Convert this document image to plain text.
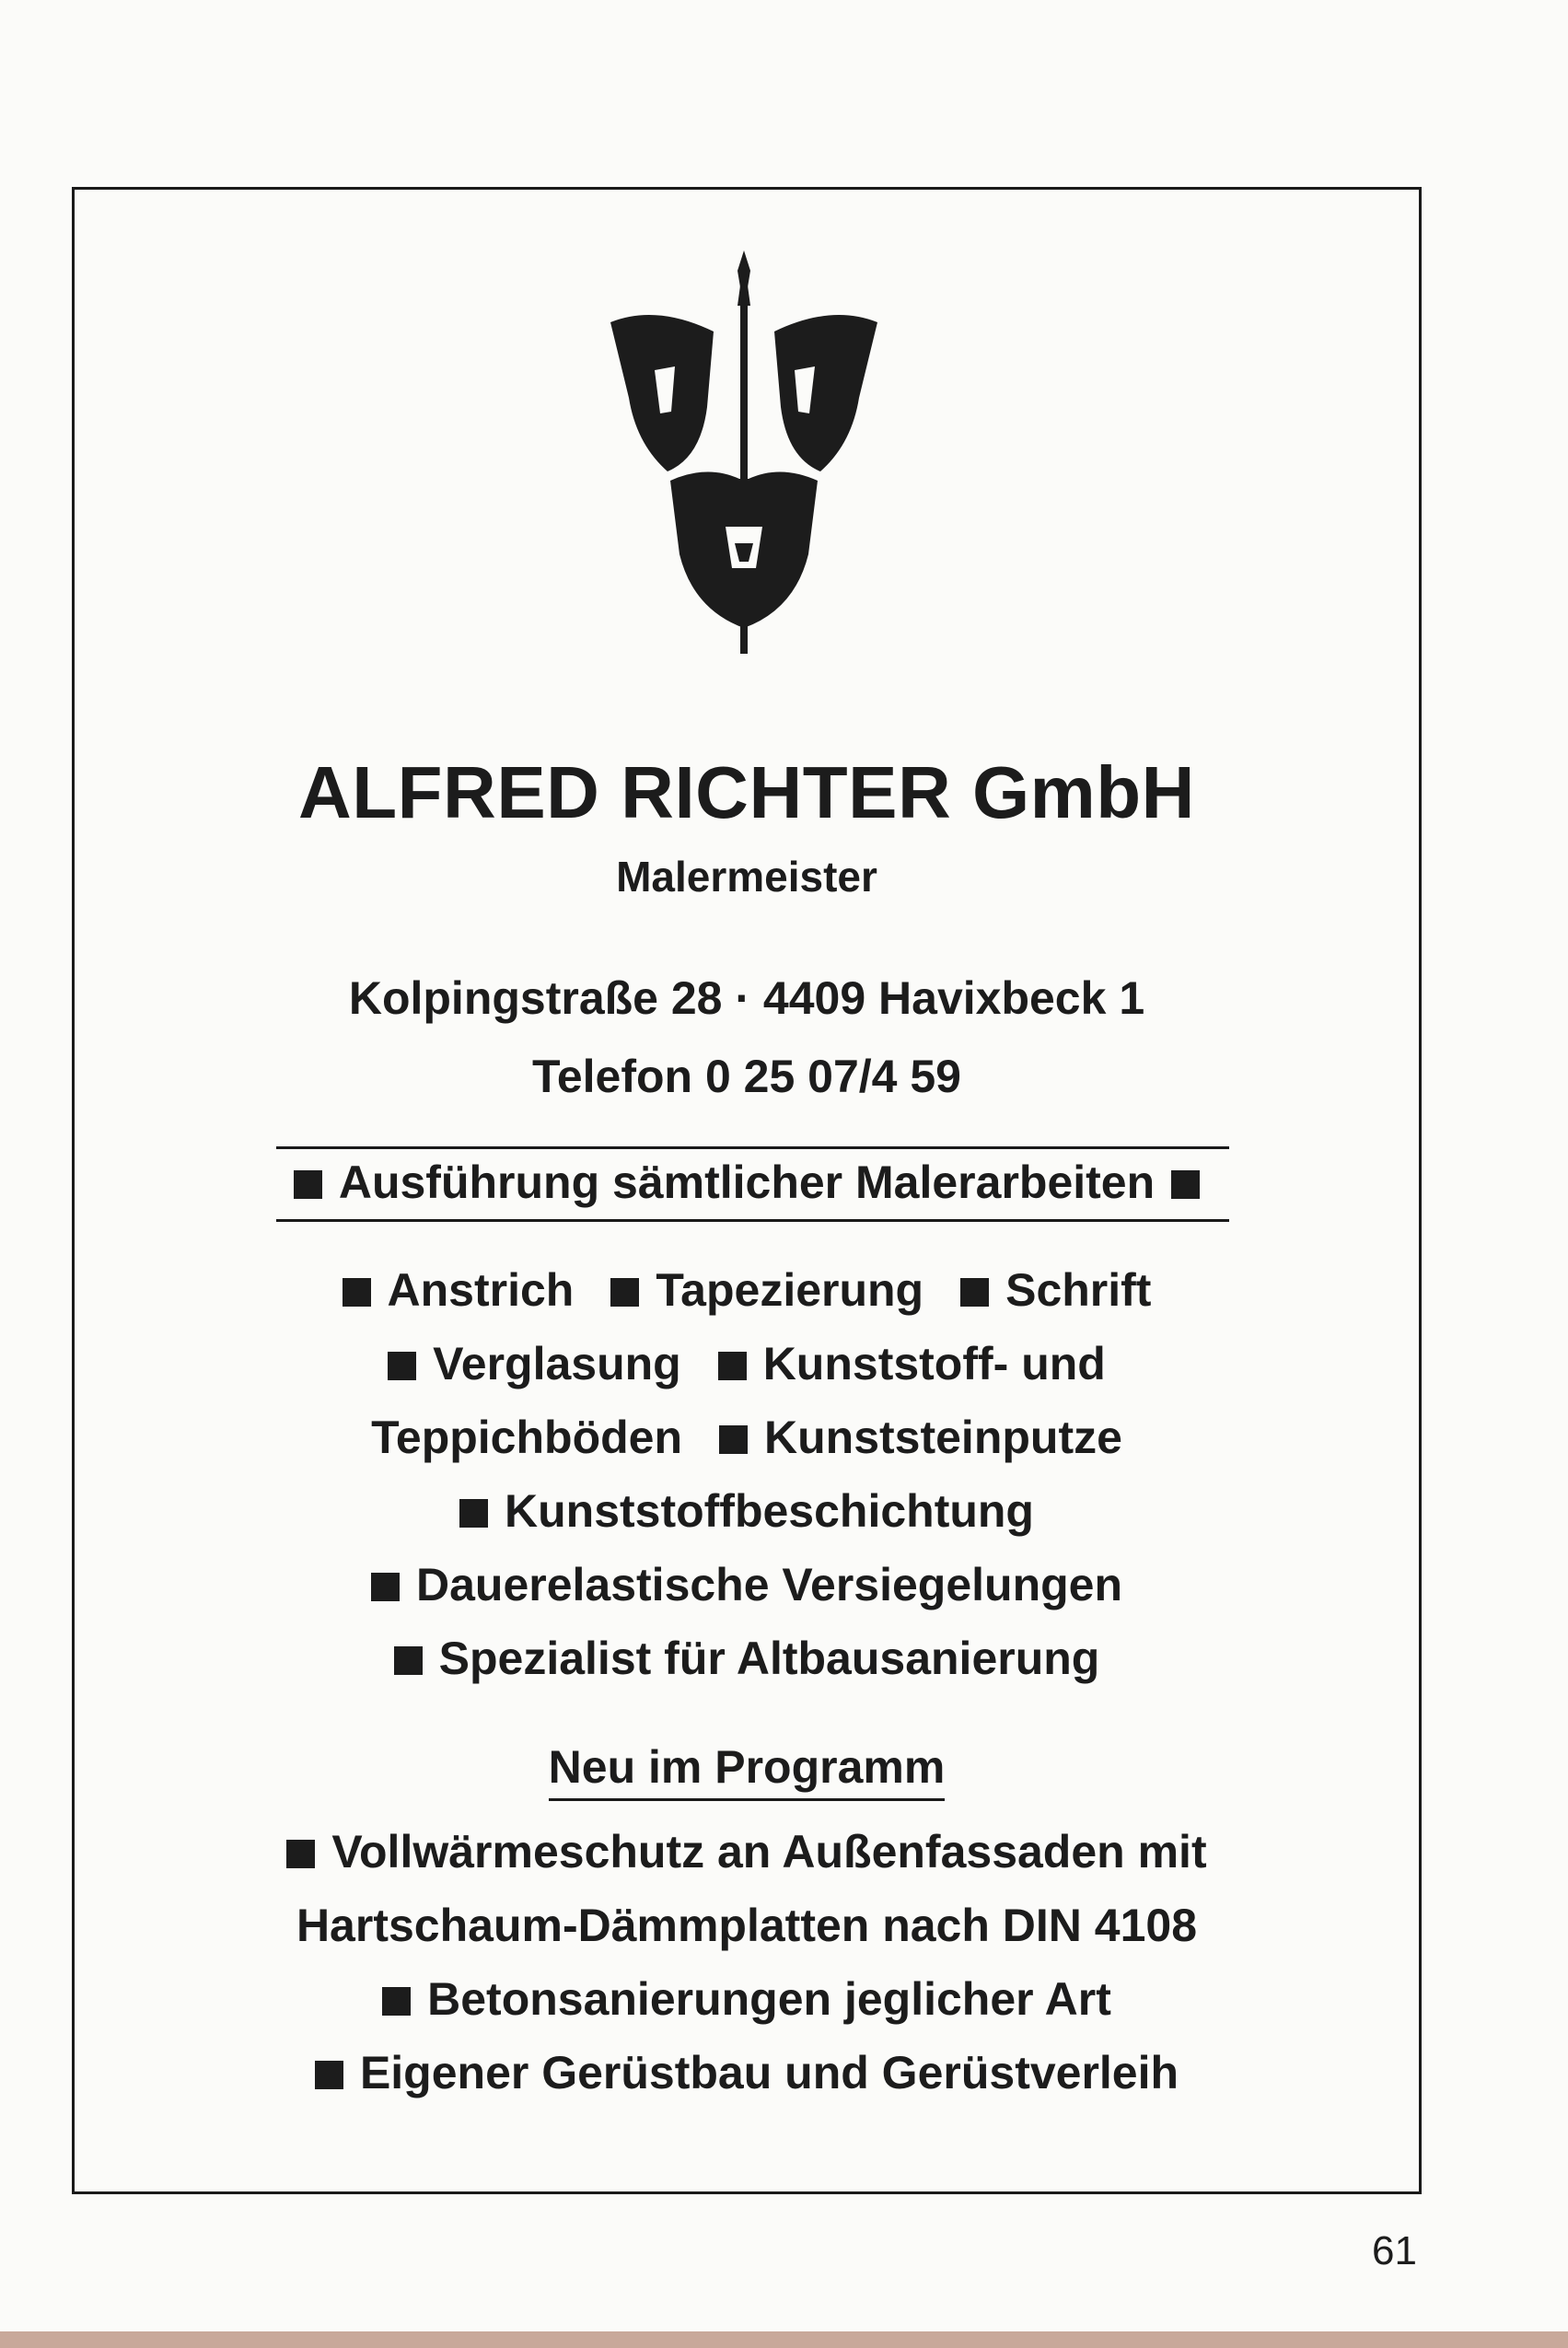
ALFRED RICHTER GmbH

Malermeister

Kolpingstraße 28 · 4409 Havixbeck 1

Telefon 0 25 07/4 59

Ausführung sämtlicher Malerarbeiten

Anstrich Tapezierung Schrift

Verglasung Kunststoff- und

Teppichböden Kunststeinputze

Kunststoffbeschichtung

Dauerelastische Versiegelungen

Spezialist für Altbausanierung

Neu im Programm

Vollwärmeschutz an Außenfassaden mit

Hartschaum-Dämmplatten nach DIN 4108

Betonsanierungen jeglicher Art

Eigener Gerüstbau und Gerüstverleih

61
